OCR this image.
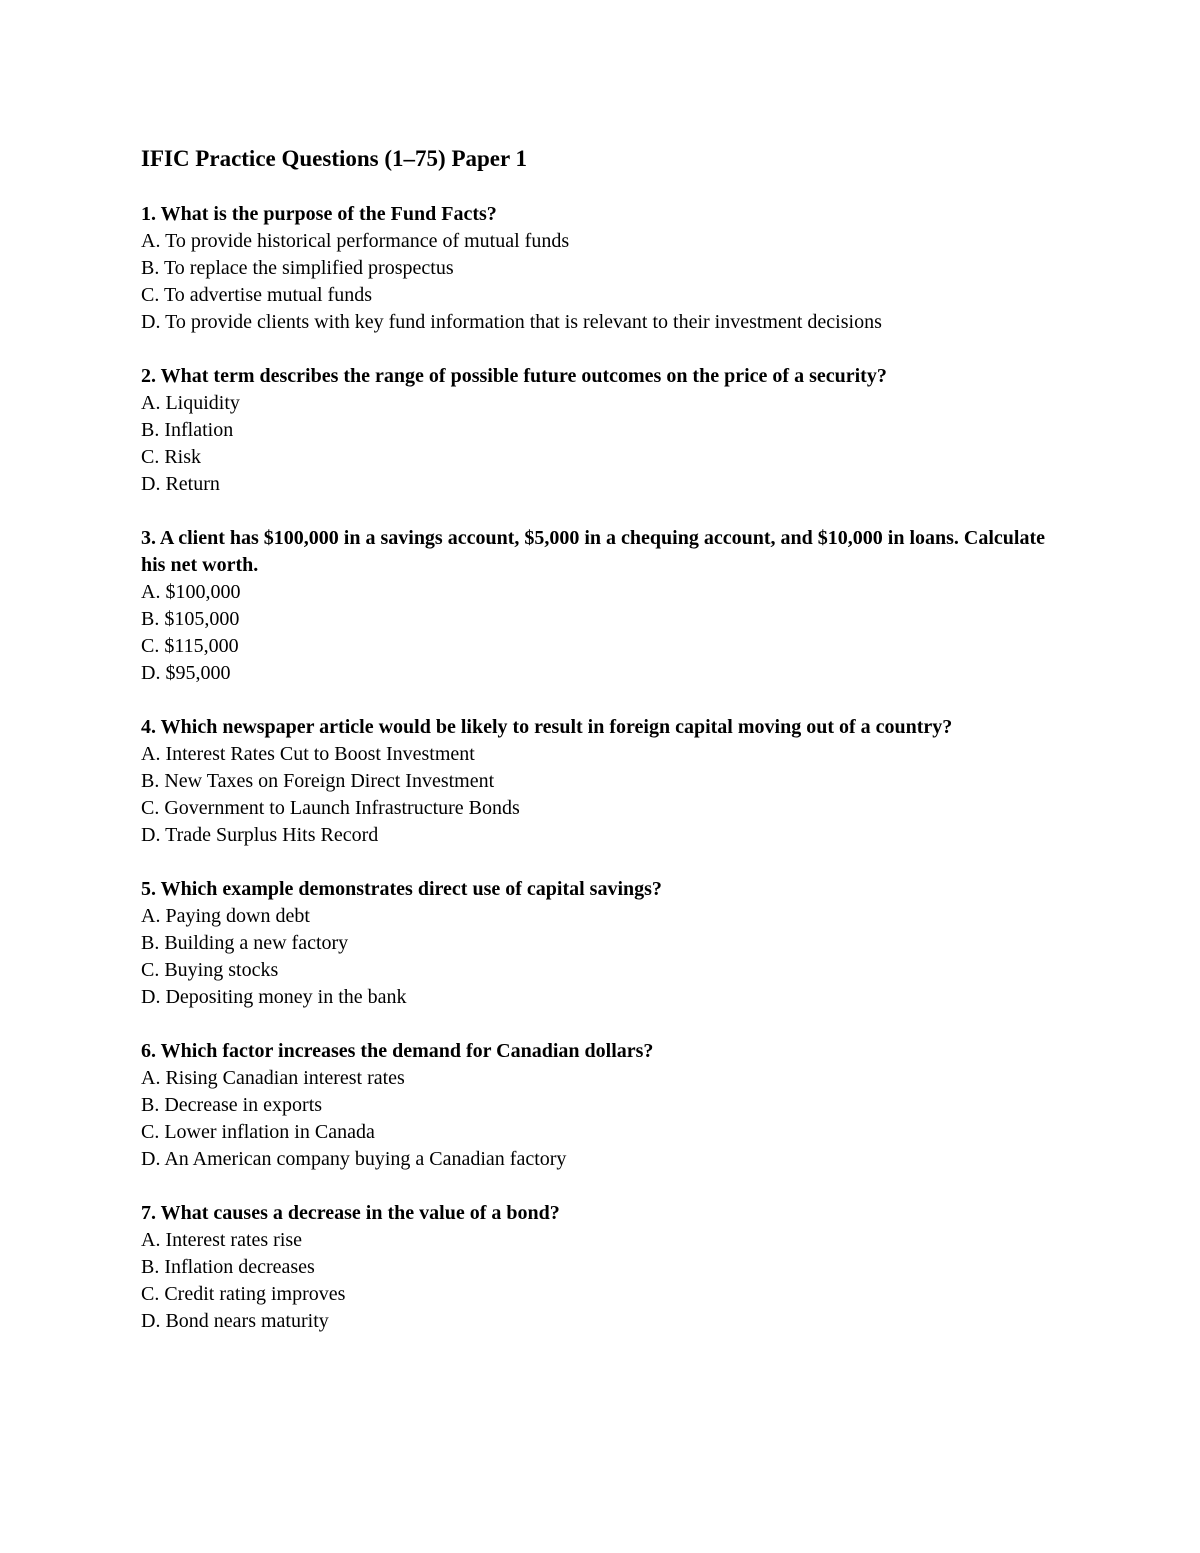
IFIC Practice Questions (1–75) Paper 1
1. What is the purpose of the Fund Facts?
A. To provide historical performance of mutual funds
B. To replace the simplified prospectus
C. To advertise mutual funds
D. To provide clients with key fund information that is relevant to their investment decisions
2. What term describes the range of possible future outcomes on the price of a security?
A. Liquidity
B. Inflation
C. Risk
D. Return
3. A client has $100,000 in a savings account, $5,000 in a chequing account, and $10,000 in loans. Calculate his net worth.
A. $100,000
B. $105,000
C. $115,000
D. $95,000
4. Which newspaper article would be likely to result in foreign capital moving out of a country?
A. Interest Rates Cut to Boost Investment
B. New Taxes on Foreign Direct Investment
C. Government to Launch Infrastructure Bonds
D. Trade Surplus Hits Record
5. Which example demonstrates direct use of capital savings?
A. Paying down debt
B. Building a new factory
C. Buying stocks
D. Depositing money in the bank
6. Which factor increases the demand for Canadian dollars?
A. Rising Canadian interest rates
B. Decrease in exports
C. Lower inflation in Canada
D. An American company buying a Canadian factory
7. What causes a decrease in the value of a bond?
A. Interest rates rise
B. Inflation decreases
C. Credit rating improves
D. Bond nears maturity
